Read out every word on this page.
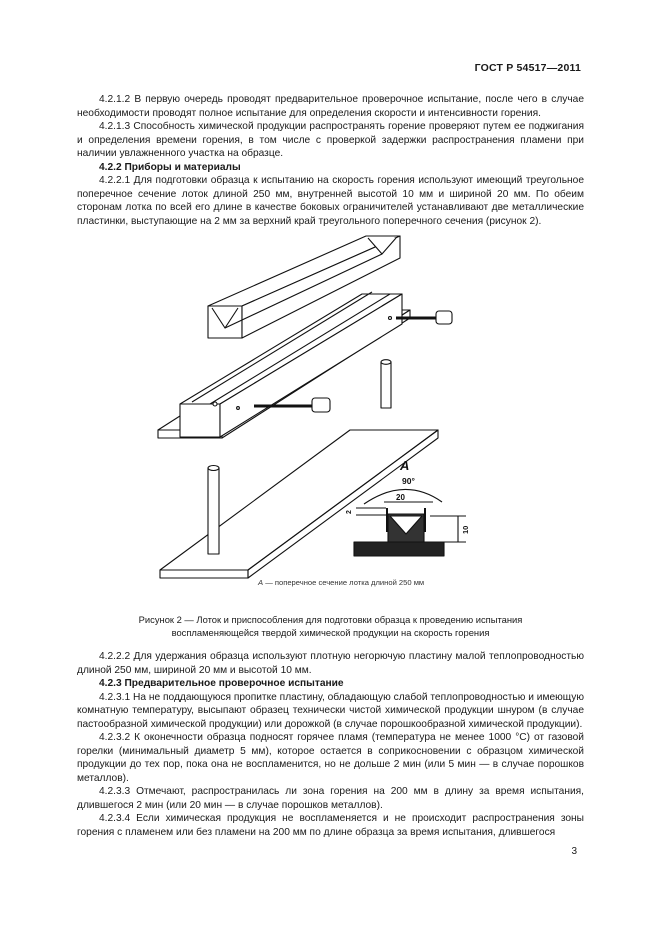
ГОСТ Р 54517—2011

4.2.1.2 В первую очередь проводят предварительное проверочное испытание, после чего в случае необходимости проводят полное испытание для определения скорости и интенсивности горения.

4.2.1.3 Способность химической продукции распространять горение проверяют путем ее поджигания и определения времени горения, в том числе с проверкой задержки распространения пламени при наличии увлажненного участка на образце.

4.2.2 Приборы и материалы

4.2.2.1 Для подготовки образца к испытанию на скорость горения используют имеющий треугольное поперечное сечение лоток длиной 250 мм, внутренней высотой 10 мм и шириной 20 мм. По обеим сторонам лотка по всей его длине в качестве боковых ограничителей устанавливают две металлические пластинки, выступающие на 2 мм за верхний край треугольного поперечного сечения (рисунок 2).

А
90°
20
2
10
А — поперечное сечение лотка длиной 250 мм
Рисунок 2 — Лоток и приспособления для подготовки образца к проведению испытания
воспламеняющейся твердой химической продукции на скорость горения

4.2.2.2 Для удержания образца используют плотную негорючую пластину малой теплопроводностью длиной 250 мм, шириной 20 мм и высотой 10 мм.

4.2.3 Предварительное проверочное испытание

4.2.3.1 На не поддающуюся пропитке пластину, обладающую слабой теплопроводностью и имеющую комнатную температуру, высыпают образец технически чистой химической продукции шнуром (в случае пастообразной химической продукции) или дорожкой (в случае порошкообразной химической продукции).

4.2.3.2 К оконечности образца подносят горячее пламя (температура не менее 1000 °С) от газовой горелки (минимальный диаметр 5 мм), которое остается в соприкосновении с образцом химической продукции до тех пор, пока она не воспламенится, но не дольше 2 мин (или 5 мин — в случае порошков металлов).

4.2.3.3 Отмечают, распространилась ли зона горения на 200 мм в длину за время испытания, длившегося 2 мин (или 20 мин — в случае порошков металлов).

4.2.3.4 Если химическая продукция не воспламеняется и не происходит распространения зоны горения с пламенем или без пламени на 200 мм по длине образца за время испытания, длившегося

3
